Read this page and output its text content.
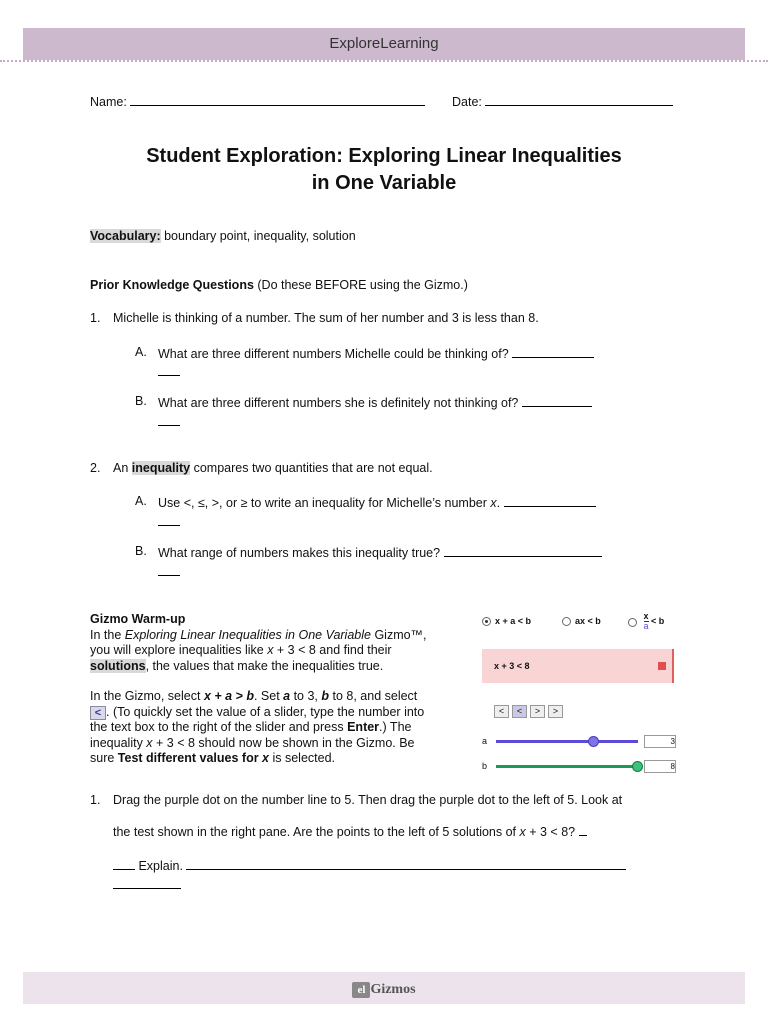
ExploreLearning
Name:	Date:
Student Exploration: Exploring Linear Inequalities
in One Variable
Vocabulary: boundary point, inequality, solution
Prior Knowledge Questions (Do these BEFORE using the Gizmo.)
1. Michelle is thinking of a number. The sum of her number and 3 is less than 8.
A. What are three different numbers Michelle could be thinking of?
B. What are three different numbers she is definitely not thinking of?
2. An inequality compares two quantities that are not equal.
A. Use <, ≤, >, or ≥ to write an inequality for Michelle’s number x.
B. What range of numbers makes this inequality true?
Gizmo Warm-up
In the Exploring Linear Inequalities in One Variable Gizmo™,
you will explore inequalities like x + 3 < 8 and find their
solutions, the values that make the inequalities true.
In the Gizmo, select x + a > b. Set a to 3, b to 8, and select
< . (To quickly set the value of a slider, type the number into
the text box to the right of the slider and press Enter.) The
inequality x + 3 < 8 should now be shown in the Gizmo. Be
sure Test different values for x is selected.
x + a < b	ax < b	$\frac{x}{a} < b$
x + 3 < 8
< < > >
a	3
b	8
1. Drag the purple dot on the number line to 5. Then drag the purple dot to the left of 5. Look at
the test shown in the right pane. Are the points to the left of 5 solutions of x + 3 < 8?
Explain.
el Gizmos
